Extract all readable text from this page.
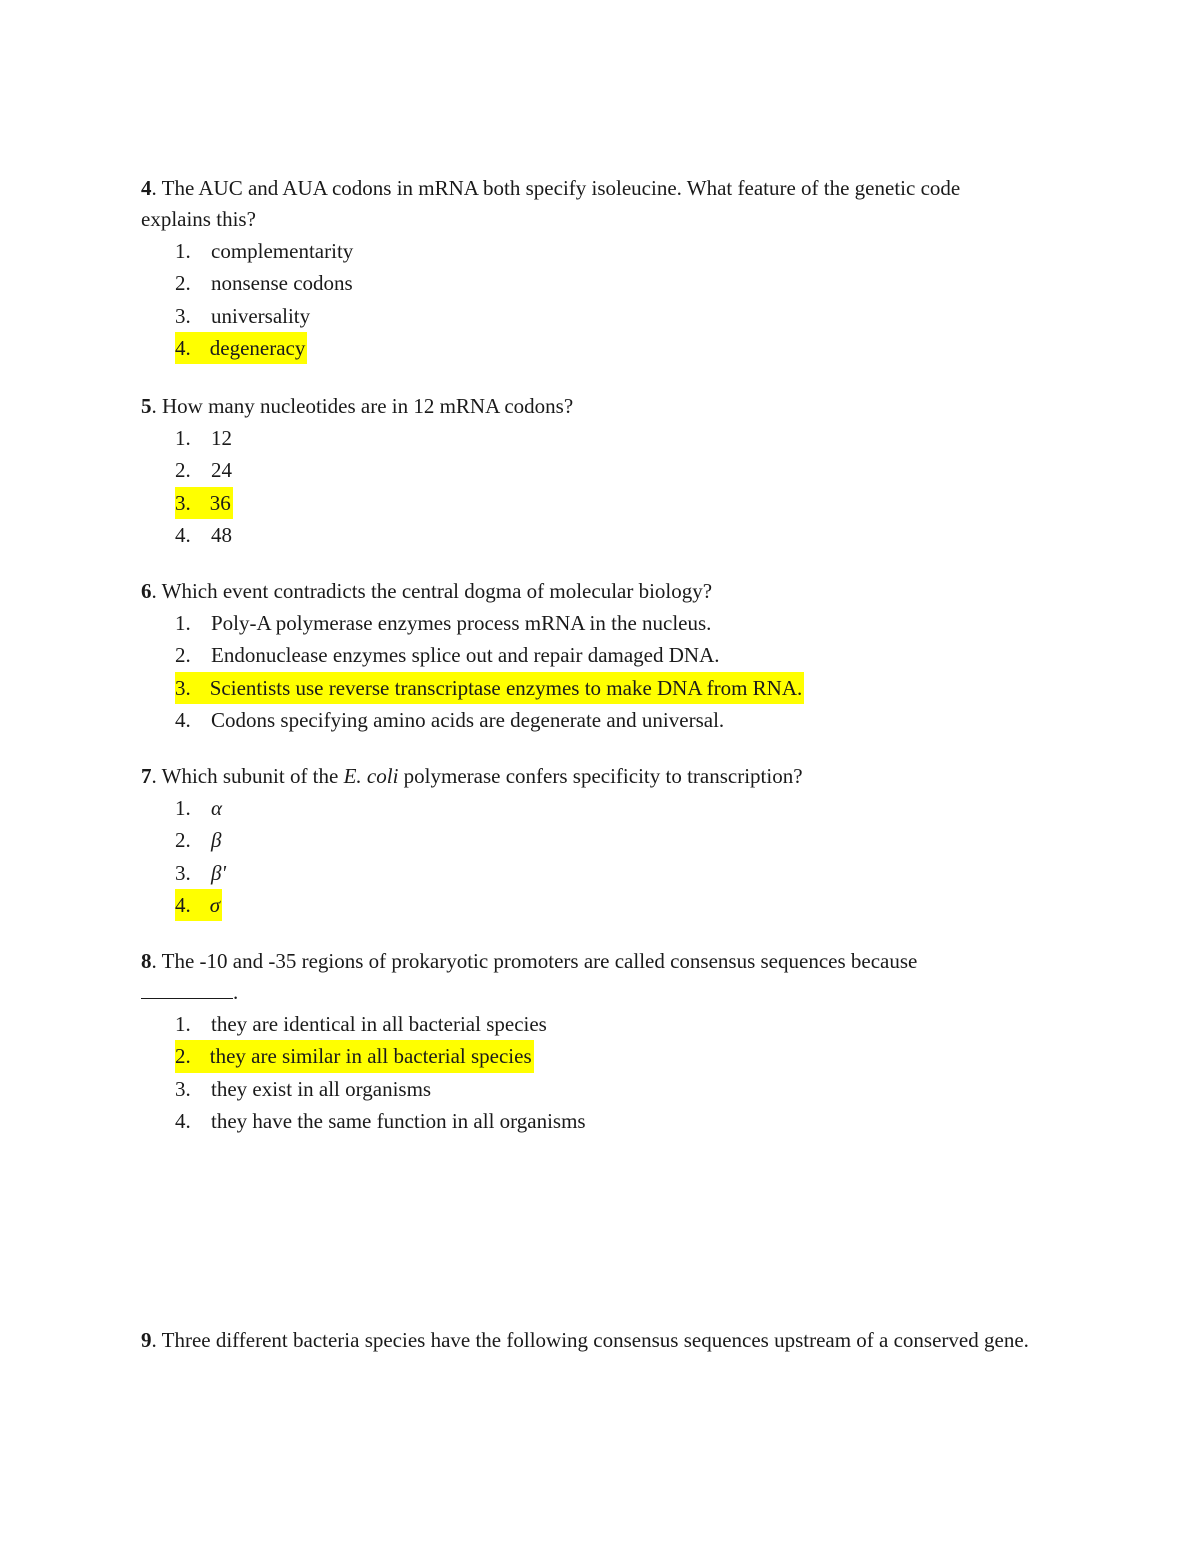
4. The AUC and AUA codons in mRNA both specify isoleucine. What feature of the genetic code explains this?

1. complementarity
2. nonsense codons
3. universality
4. degeneracy

5. How many nucleotides are in 12 mRNA codons?

1. 12
2. 24
3. 36
4. 48

6. Which event contradicts the central dogma of molecular biology?

1. Poly-A polymerase enzymes process mRNA in the nucleus.
2. Endonuclease enzymes splice out and repair damaged DNA.
3. Scientists use reverse transcriptase enzymes to make DNA from RNA.
4. Codons specifying amino acids are degenerate and universal.

7. Which subunit of the E. coli polymerase confers specificity to transcription?

1. α
2. β
3. β'
4. σ

8. The -10 and -35 regions of prokaryotic promoters are called consensus sequences because
.

1. they are identical in all bacterial species
2. they are similar in all bacterial species
3. they exist in all organisms
4. they have the same function in all organisms

9. Three different bacteria species have the following consensus sequences upstream of a conserved gene.
